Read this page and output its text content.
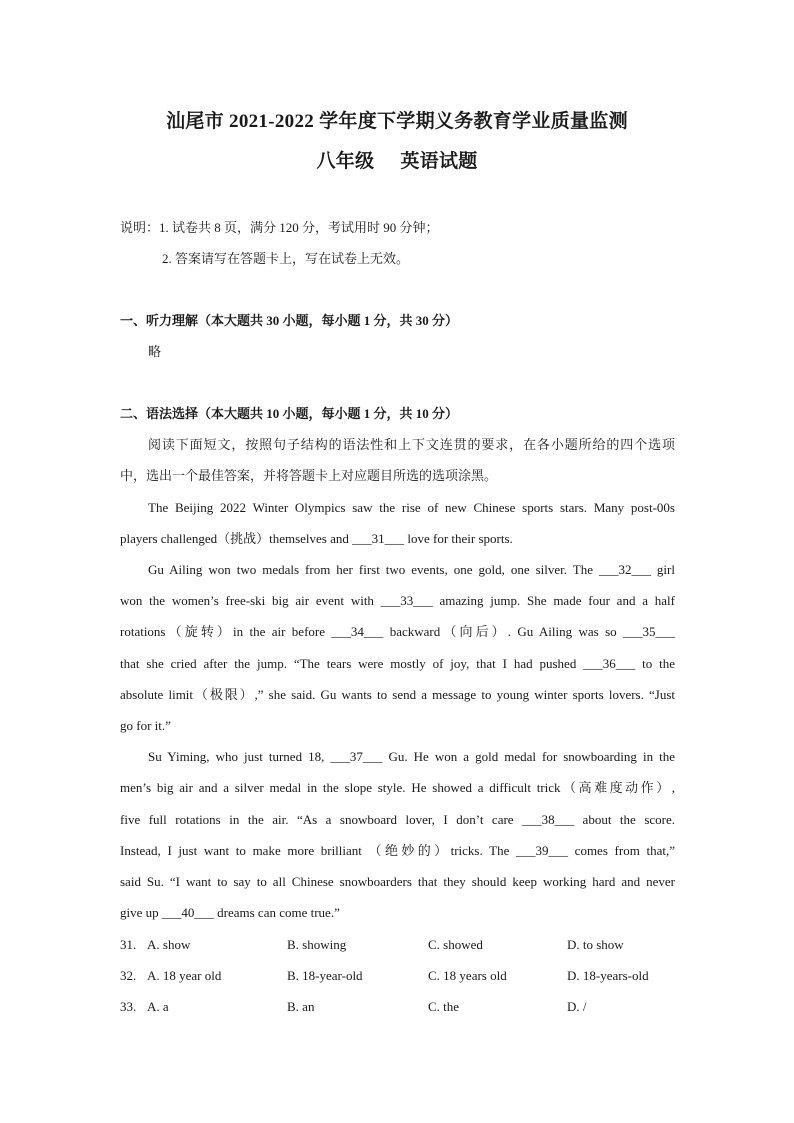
汕尾市 2021-2022 学年度下学期义务教育学业质量监测
八年级 英语试题
说明：1. 试卷共 8 页，满分 120 分，考试用时 90 分钟；
2. 答案请写在答题卡上，写在试卷上无效。
一、听力理解（本大题共 30 小题，每小题 1 分，共 30 分）
略
二、语法选择（本大题共 10 小题，每小题 1 分，共 10 分）
阅读下面短文，按照句子结构的语法性和上下文连贯的要求，在各小题所给的四个选项
中，选出一个最佳答案，并将答题卡上对应题目所选的选项涂黑。
The Beijing 2022 Winter Olympics saw the rise of new Chinese sports stars. Many post-00s
players challenged（挑战）themselves and ___31___ love for their sports.
Gu Ailing won two medals from her first two events, one gold, one silver. The ___32___ girl
won the women’s free-ski big air event with ___33___ amazing jump. She made four and a half
rotations（旋转）in the air before ___34___ backward（向后）. Gu Ailing was so ___35___
that she cried after the jump. “The tears were mostly of joy, that I had pushed ___36___ to the
absolute limit（极限）,” she said. Gu wants to send a message to young winter sports lovers. “Just
go for it.”
Su Yiming, who just turned 18, ___37___ Gu. He won a gold medal for snowboarding in the
men’s big air and a silver medal in the slope style. He showed a difficult trick（高难度动作）,
five full rotations in the air. “As a snowboard lover, I don’t care ___38___ about the score.
Instead, I just want to make more brilliant （绝妙的）tricks. The ___39___ comes from that,”
said Su. “I want to say to all Chinese snowboarders that they should keep working hard and never
give up ___40___ dreams can come true.”
31. A. show	B. showing	C. showed	D. to show
32. A. 18 year old	B. 18-year-old	C. 18 years old	D. 18-years-old
33. A. a	B. an	C. the	D. /
